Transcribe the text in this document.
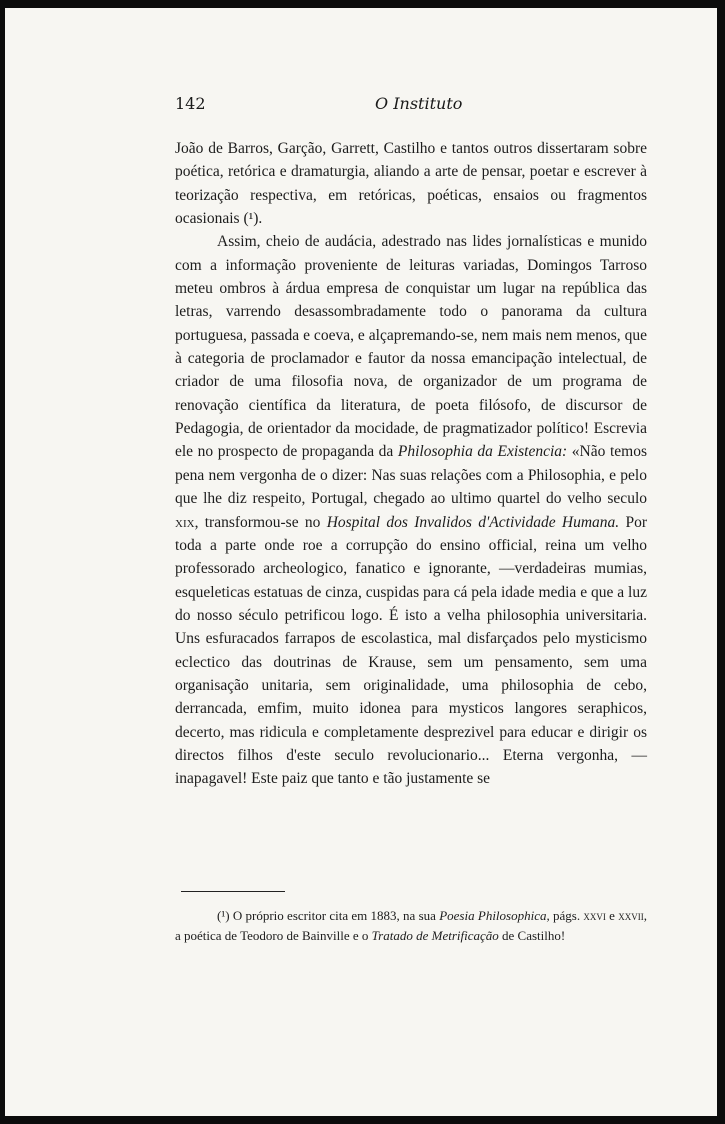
142	O Instituto

João de Barros, Garção, Garrett, Castilho e tantos outros dissertaram sobre poética, retórica e dramaturgia, aliando a arte de pensar, poetar e escrever à teorização respectiva, em retóricas, poéticas, ensaios ou fragmentos ocasionais (¹).

Assim, cheio de audácia, adestrado nas lides jornalísticas e munido com a informação proveniente de leituras variadas, Domingos Tarroso meteu ombros à árdua empresa de conquistar um lugar na república das letras, varrendo desassombradamente todo o panorama da cultura portuguesa, passada e coeva, e alçapremando-se, nem mais nem menos, que à categoria de proclamador e fautor da nossa emancipação intelectual, de criador de uma filosofia nova, de organizador de um programa de renovação científica da literatura, de poeta filósofo, de discursor de Pedagogia, de orientador da mocidade, de pragmatizador político! Escrevia ele no prospecto de propaganda da Philosophia da Existencia: «Não temos pena nem vergonha de o dizer: Nas suas relações com a Philosophia, e pelo que lhe diz respeito, Portugal, chegado ao ultimo quartel do velho seculo xix, transformou-se no Hospital dos Invalidos d'Actividade Humana. Por toda a parte onde roe a corrupção do ensino official, reina um velho professorado archeologico, fanatico e ignorante, —verdadeiras mumias, esqueleticas estatuas de cinza, cuspidas para cá pela idade media e que a luz do nosso século petrificou logo. É isto a velha philosophia universitaria. Uns esfuracados farrapos de escolastica, mal disfarçados pelo mysticismo eclectico das doutrinas de Krause, sem um pensamento, sem uma organisação unitaria, sem originalidade, uma philosophia de cebo, derrancada, emfim, muito idonea para mysticos langores seraphicos, decerto, mas ridicula e completamente desprezivel para educar e dirigir os directos filhos d'este seculo revolucionario... Eterna vergonha, —inapagavel! Este paiz que tanto e tão justamente se

(¹) O próprio escritor cita em 1883, na sua Poesia Philosophica, págs. xxvi e xxvii, a poética de Teodoro de Bainville e o Tratado de Metrificação de Castilho!
